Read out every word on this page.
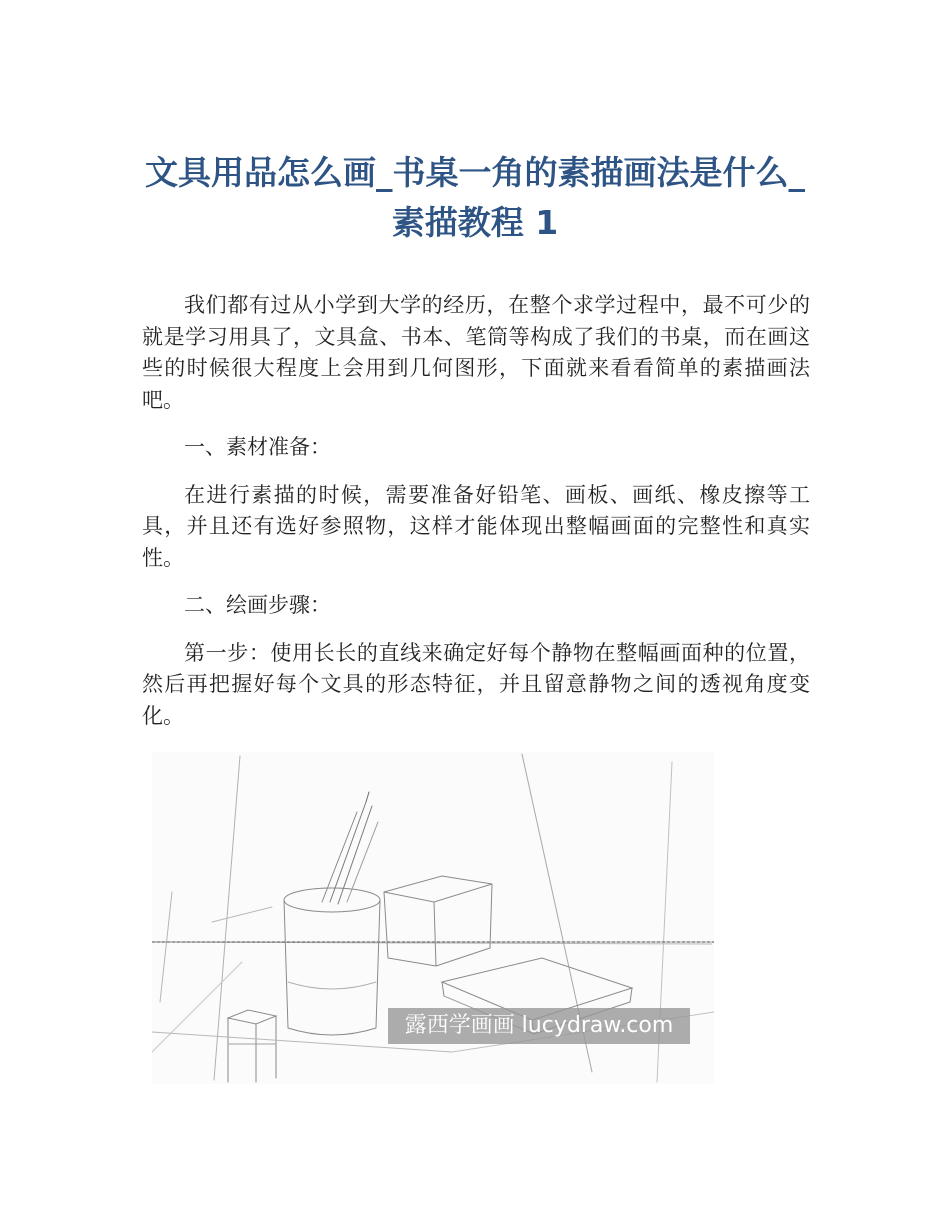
文具用品怎么画_书桌一角的素描画法是什么_素描教程 1

我们都有过从小学到大学的经历，在整个求学过程中，最不可少的就是学习用具了，文具盒、书本、笔筒等构成了我们的书桌，而在画这些的时候很大程度上会用到几何图形，下面就来看看简单的素描画法吧。

一、素材准备：

在进行素描的时候，需要准备好铅笔、画板、画纸、橡皮擦等工具，并且还有选好参照物，这样才能体现出整幅画面的完整性和真实性。

二、绘画步骤：

第一步：使用长长的直线来确定好每个静物在整幅画面种的位置，然后再把握好每个文具的形态特征，并且留意静物之间的透视角度变化。

露西学画画 lucydraw.com
